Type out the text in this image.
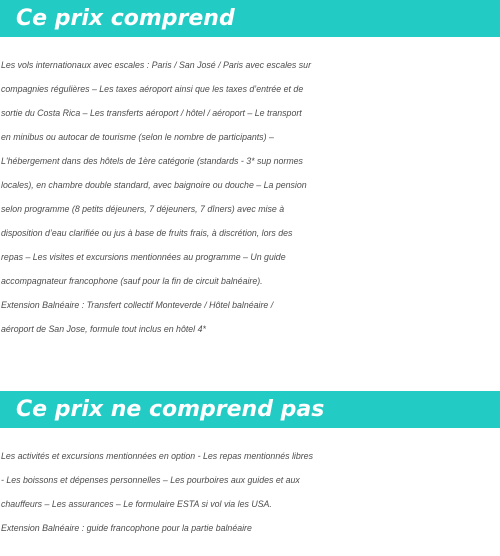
Ce prix comprend
Les vols internationaux avec escales : Paris / San José / Paris avec escales sur
compagnies régulières – Les taxes aéroport ainsi que les taxes d’entrée et de
sortie du Costa Rica – Les transferts aéroport / hôtel / aéroport – Le transport
en minibus ou autocar de tourisme (selon le nombre de participants) –
L'hébergement dans des hôtels de 1ère catégorie (standards - 3* sup normes
locales), en chambre double standard, avec baignoire ou douche – La pension
selon programme (8 petits déjeuners, 7 déjeuners, 7 dîners) avec mise à
disposition d’eau clarifiée ou jus à base de fruits frais, à discrétion, lors des
repas – Les visites et excursions mentionnées au programme – Un guide
accompagnateur francophone (sauf pour la fin de circuit balnéaire).
Extension Balnéaire : Transfert collectif Monteverde / Hôtel balnéaire /
aéroport de San Jose, formule tout inclus en hôtel 4*
Ce prix ne comprend pas
Les activités et excursions mentionnées en option - Les repas mentionnés libres
- Les boissons et dépenses personnelles – Les pourboires aux guides et aux
chauffeurs – Les assurances – Le formulaire ESTA si vol via les USA.
Extension Balnéaire : guide francophone pour la partie balnéaire
